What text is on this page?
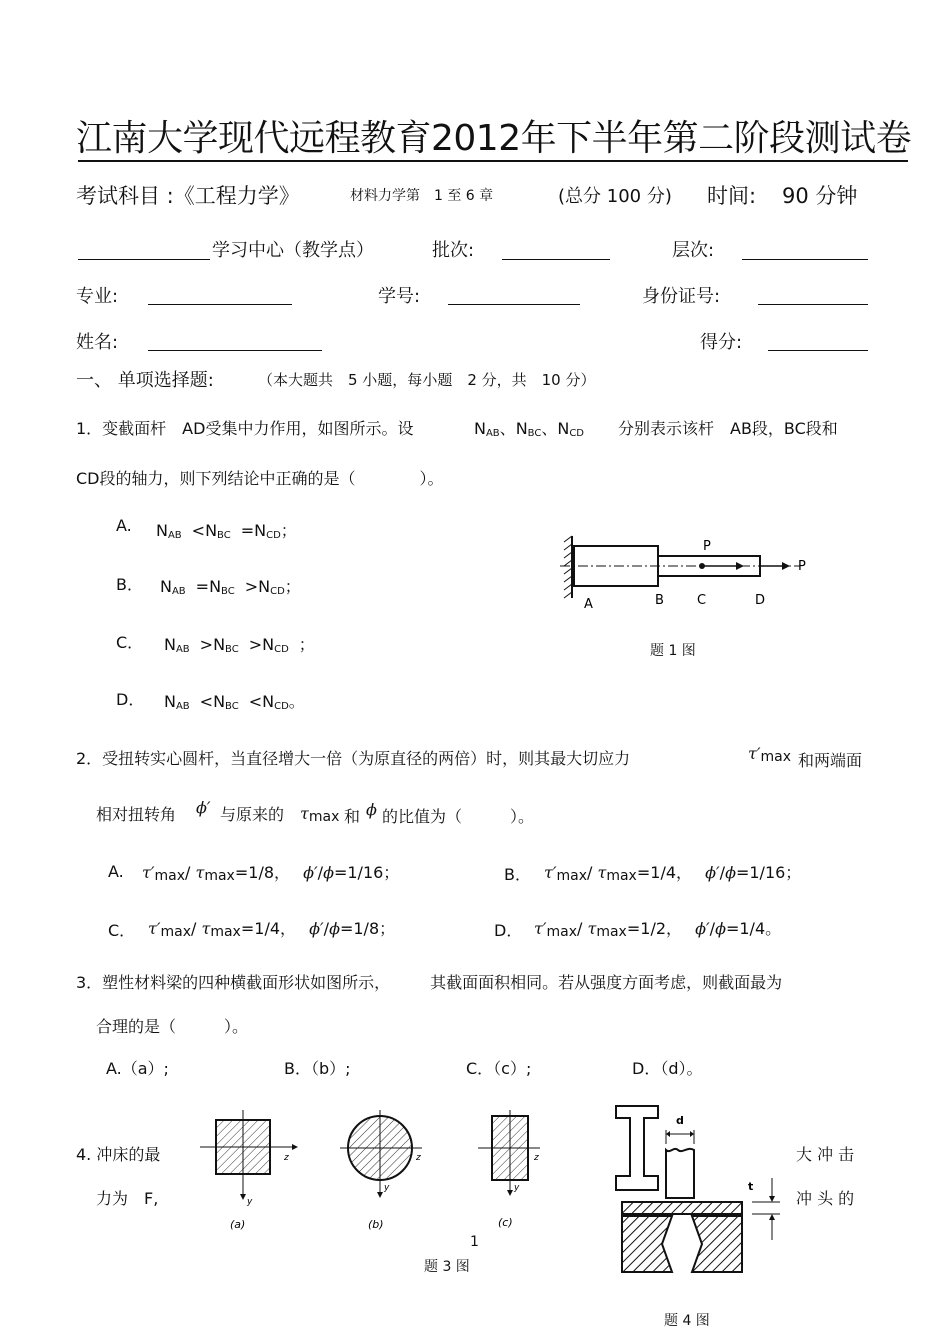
江南大学现代远程教育2012年下半年第二阶段测试卷
考试科目 :《工程力学》	材料力学第　1 至 6 章	(总分 100 分) 时间: 90 分钟
学习中心（教学点）	批次:	层次:
专业:	学号:	身份证号:
姓名:	得分:
一、 单项选择题:	（本大题共　5 小题，每小题　2 分，共　10 分）
1．变截面杆　AD受集中力作用，如图所示。设	$N_{AB}$、$N_{BC}$、$N_{CD}$ 分别表示该杆　AB段，BC段和
CD段的轴力，则下列结论中正确的是（　　　　）。
A. $N_{AB} <N_{BC} =N_{CD}$；
B． $N_{AB} =N_{BC} >N_{CD}$；
C． $N_{AB} >N_{BC} >N_{CD}$ ；
D． $N_{AB} <N_{BC} <N_{CD}$。
P
P
A	B	C	D
题 1 图
2．受扭转实心圆杆，当直径增大一倍（为原直径的两倍）时，则其最大切应力	τ′max 和两端面
相对扭转角 ϕ′ 与原来的 τmax 和 ϕ 的比值为（　　　）。
A. τ′max/ τmax=1/8， ϕ′/ϕ=1/16；	B． τ′max/ τmax=1/4， ϕ′/ϕ=1/16；
C． τ′max/ τmax=1/4， ϕ′/ϕ=1/8；	D． τ′max/ τmax=1/2， ϕ′/ϕ=1/4。
3．塑性材料梁的四种横截面形状如图所示，　　　其截面面积相同。若从强度方面考虑，则截面最为
合理的是（　　　）。
A.（a）;	B．（b）;	C．（c）;	D．（d）。
z
y
(a)
z
y
(b)
z
y
(c)
题 3 图
1
4. 冲床的最
力为　F,
大 冲 击
冲 头 的
d
t
题 4 图
